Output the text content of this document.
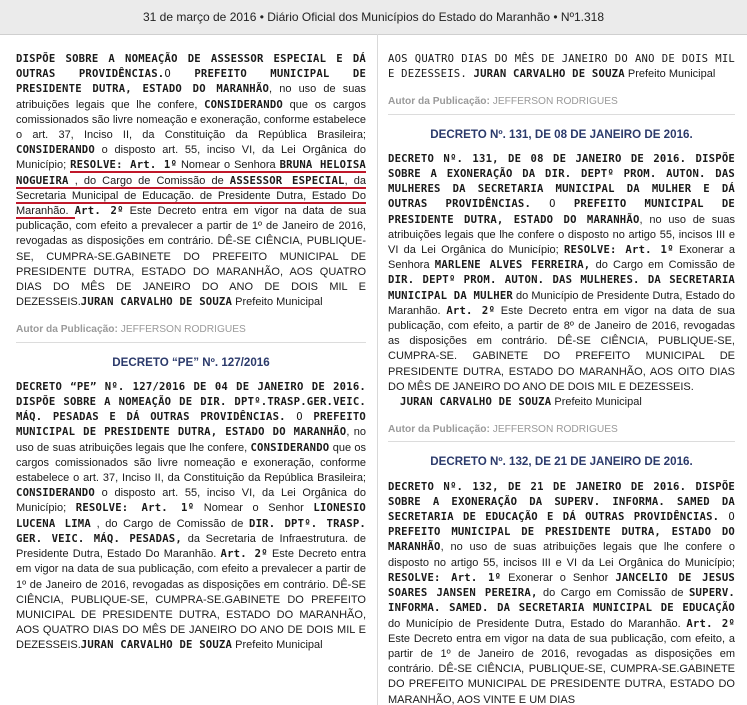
31 de março de 2016 • Diário Oficial dos Municípios do Estado do Maranhão • Nº1.318

DISPÕE SOBRE A NOMEAÇÃO DE ASSESSOR ESPECIAL E DÁ OUTRAS PROVIDÊNCIAS.O PREFEITO MUNICIPAL DE PRESIDENTE DUTRA, ESTADO DO MARANHÃO, no uso de suas atribuições legais que lhe confere, CONSIDERANDO que os cargos comissionados são livre nomeação e exoneração, conforme estabelece o art. 37, Inciso II, da Constituição da República Brasileira; CONSIDERANDO o disposto art. 55, inciso VI, da Lei Orgânica do Município; RESOLVE: Art. 1º Nomear o Senhora BRUNA HELOISA NOGUEIRA , do Cargo de Comissão de ASSESSOR ESPECIAL, da Secretaria Municipal de Educação. de Presidente Dutra, Estado Do Maranhão. Art. 2º Este Decreto entra em vigor na data de sua publicação, com efeito a prevalecer a partir de 1º de Janeiro de 2016, revogadas as disposições em contrário. DÊ-SE CIÊNCIA, PUBLIQUE-SE, CUMPRA-SE.GABINETE DO PREFEITO MUNICIPAL DE PRESIDENTE DUTRA, ESTADO DO MARANHÃO, AOS QUATRO DIAS DO MÊS DE JANEIRO DO ANO DE DOIS MIL E DEZESSEIS.JURAN CARVALHO DE SOUZA Prefeito Municipal

Autor da Publicação: JEFFERSON RODRIGUES
DECRETO “PE” Nº. 127/2016

DECRETO “PE” Nº. 127/2016 DE 04 DE JANEIRO DE 2016. DISPÕE SOBRE A NOMEAÇÃO DE DIR. DPTº.TRASP.GER.VEIC. MÁQ. PESADAS E DÁ OUTRAS PROVIDÊNCIAS. O PREFEITO MUNICIPAL DE PRESIDENTE DUTRA, ESTADO DO MARANHÃO, no uso de suas atribuições legais que lhe confere, CONSIDERANDO que os cargos comissionados são livre nomeação e exoneração, conforme estabelece o art. 37, Inciso II, da Constituição da República Brasileira; CONSIDERANDO o disposto art. 55, inciso VI, da Lei Orgânica do Município; RESOLVE: Art. 1º Nomear o Senhor LIONESIO LUCENA LIMA , do Cargo de Comissão de DIR. DPTº. TRASP. GER. VEIC. MÁQ. PESADAS, da Secretaria de Infraestrutura. de Presidente Dutra, Estado Do Maranhão. Art. 2º Este Decreto entra em vigor na data de sua publicação, com efeito a prevalecer a partir de 1º de Janeiro de 2016, revogadas as disposições em contrário. DÊ-SE CIÊNCIA, PUBLIQUE-SE, CUMPRA-SE.GABINETE DO PREFEITO MUNICIPAL DE PRESIDENTE DUTRA, ESTADO DO MARANHÃO, AOS QUATRO DIAS DO MÊS DE JANEIRO DO ANO DE DOIS MIL E DEZESSEIS.JURAN CARVALHO DE SOUZA Prefeito Municipal

AOS QUATRO DIAS DO MÊS DE JANEIRO DO ANO DE DOIS MIL E DEZESSEIS. JURAN CARVALHO DE SOUZA Prefeito Municipal

Autor da Publicação: JEFFERSON RODRIGUES
DECRETO Nº. 131, DE 08 DE JANEIRO DE 2016.

DECRETO Nº. 131, DE 08 DE JANEIRO DE 2016. DISPÕE SOBRE A EXONERAÇÃO DA DIR. DEPTº PROM. AUTON. DAS MULHERES DA SECRETARIA MUNICIPAL DA MULHER E DÁ OUTRAS PROVIDÊNCIAS. O PREFEITO MUNICIPAL DE PRESIDENTE DUTRA, ESTADO DO MARANHÃO, no uso de suas atribuições legais que lhe confere o disposto no artigo 55, incisos III e VI da Lei Orgânica do Município; RESOLVE: Art. 1º Exonerar a Senhora MARLENE ALVES FERREIRA, do Cargo em Comissão de DIR. DEPTº PROM. AUTON. DAS MULHERES. DA SECRETARIA MUNICIPAL DA MULHER do Município de Presidente Dutra, Estado do Maranhão. Art. 2º Este Decreto entra em vigor na data de sua publicação, com efeito, a partir de 8º de Janeiro de 2016, revogadas as disposições em contrário. DÊ-SE CIÊNCIA, PUBLIQUE-SE, CUMPRA-SE. GABINETE DO PREFEITO MUNICIPAL DE PRESIDENTE DUTRA, ESTADO DO MARANHÃO, AOS OITO DIAS DO MÊS DE JANEIRO DO ANO DE DOIS MIL E DEZESSEIS.
JURAN CARVALHO DE SOUZA Prefeito Municipal

Autor da Publicação: JEFFERSON RODRIGUES
DECRETO Nº. 132, DE 21 DE JANEIRO DE 2016.

DECRETO Nº. 132, DE 21 DE JANEIRO DE 2016. DISPÕE SOBRE A EXONERAÇÃO DA SUPERV. INFORMA. SAMED DA SECRETARIA DE EDUCAÇÃO E DÁ OUTRAS PROVIDÊNCIAS. O PREFEITO MUNICIPAL DE PRESIDENTE DUTRA, ESTADO DO MARANHÃO, no uso de suas atribuições legais que lhe confere o disposto no artigo 55, incisos III e VI da Lei Orgânica do Município; RESOLVE: Art. 1º Exonerar o Senhor JANCELIO DE JESUS SOARES JANSEN PEREIRA, do Cargo em Comissão de SUPERV. INFORMA. SAMED. DA SECRETARIA MUNICIPAL DE EDUCAÇÃO do Município de Presidente Dutra, Estado do Maranhão. Art. 2º Este Decreto entra em vigor na data de sua publicação, com efeito, a partir de 1º de Janeiro de 2016, revogadas as disposições em contrário. DÊ-SE CIÊNCIA, PUBLIQUE-SE, CUMPRA-SE.GABINETE DO PREFEITO MUNICIPAL DE PRESIDENTE DUTRA, ESTADO DO MARANHÃO, AOS VINTE E UM DIAS
